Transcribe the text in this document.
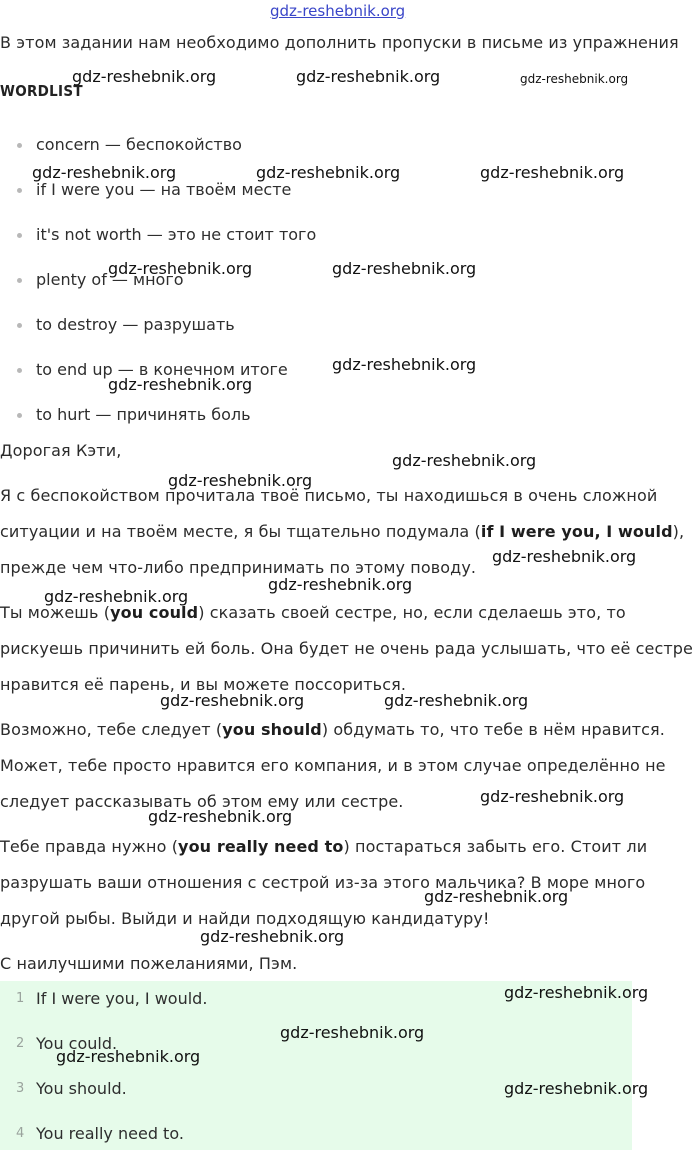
gdz-reshebnik.org
В этом задании нам необходимо дополнить пропуски в письме из упражнения
WORDLIST
concern — беспокойство
if I were you — на твоём месте
it's not worth — это не стоит того
plenty of — много
to destroy — разрушать
to end up — в конечном итоге
to hurt — причинять боль
Дорогая Кэти,
Я с беспокойством прочитала твоё письмо, ты находишься в очень сложной
ситуации и на твоём месте, я бы тщательно подумала (if I were you, I would),
прежде чем что-либо предпринимать по этому поводу.
Ты можешь (you could) сказать своей сестре, но, если сделаешь это, то
рискуешь причинить ей боль. Она будет не очень рада услышать, что её сестре
нравится её парень, и вы можете поссориться.
Возможно, тебе следует (you should) обдумать то, что тебе в нём нравится.
Может, тебе просто нравится его компания, и в этом случае определённо не
следует рассказывать об этом ему или сестре.
Тебе правда нужно (you really need to) постараться забыть его. Стоит ли
разрушать ваши отношения с сестрой из-за этого мальчика? В море много
другой рыбы. Выйди и найди подходящую кандидатуру!
С наилучшими пожеланиями, Пэм.
1 If I were you, I would.
2 You could.
3 You should.
4 You really need to.
gdz-reshebnik.org	gdz-reshebnik.org	gdz-reshebnik.org
gdz-reshebnik.org	gdz-reshebnik.org	gdz-reshebnik.org
gdz-reshebnik.org	gdz-reshebnik.org
gdz-reshebnik.org
gdz-reshebnik.org
gdz-reshebnik.org
gdz-reshebnik.org
gdz-reshebnik.org
gdz-reshebnik.org
gdz-reshebnik.org
gdz-reshebnik.org	gdz-reshebnik.org
gdz-reshebnik.org
gdz-reshebnik.org
gdz-reshebnik.org
gdz-reshebnik.org
gdz-reshebnik.org
gdz-reshebnik.org
gdz-reshebnik.org
gdz-reshebnik.org
